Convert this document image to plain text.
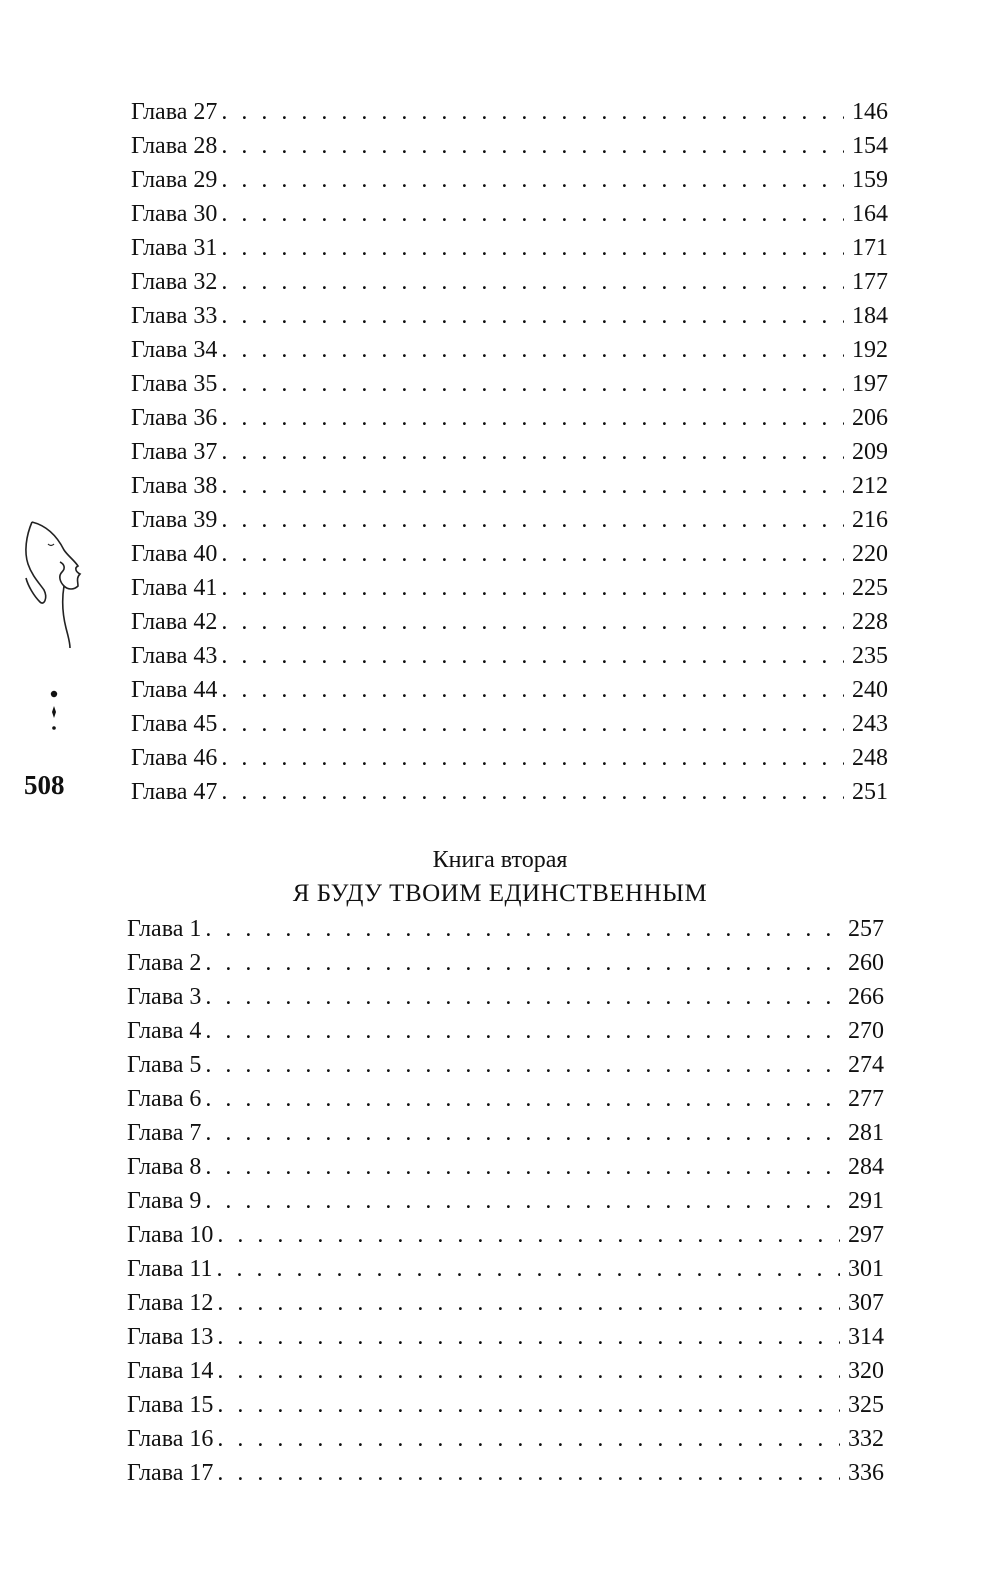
Глава 27 . . .	146
Глава 28 . . .	154
Глава 29 . . .	159
Глава 30 . . .	164
Глава 31 . . .	171
Глава 32 . . .	177
Глава 33 . . .	184
Глава 34 . . .	192
Глава 35 . . .	197
Глава 36 . . .	206
Глава 37 . . .	209
Глава 38 . . .	212
Глава 39 . . .	216
Глава 40 . . .	220
Глава 41 . . .	225
Глава 42 . . .	228
Глава 43 . . .	235
Глава 44 . . .	240
Глава 45 . . .	243
Глава 46 . . .	248
Глава 47 . . .	251
Книга вторая
Я БУДУ ТВОИМ ЕДИНСТВЕННЫМ
Глава 1 . . .	257
Глава 2 . . .	260
Глава 3 . . .	266
Глава 4 . . .	270
Глава 5 . . .	274
Глава 6 . . .	277
Глава 7 . . .	281
Глава 8 . . .	284
Глава 9 . . .	291
Глава 10 . . .	297
Глава 11 . . .	301
Глава 12 . . .	307
Глава 13 . . .	314
Глава 14 . . .	320
Глава 15 . . .	325
Глава 16 . . .	332
Глава 17 . . .	336
508
